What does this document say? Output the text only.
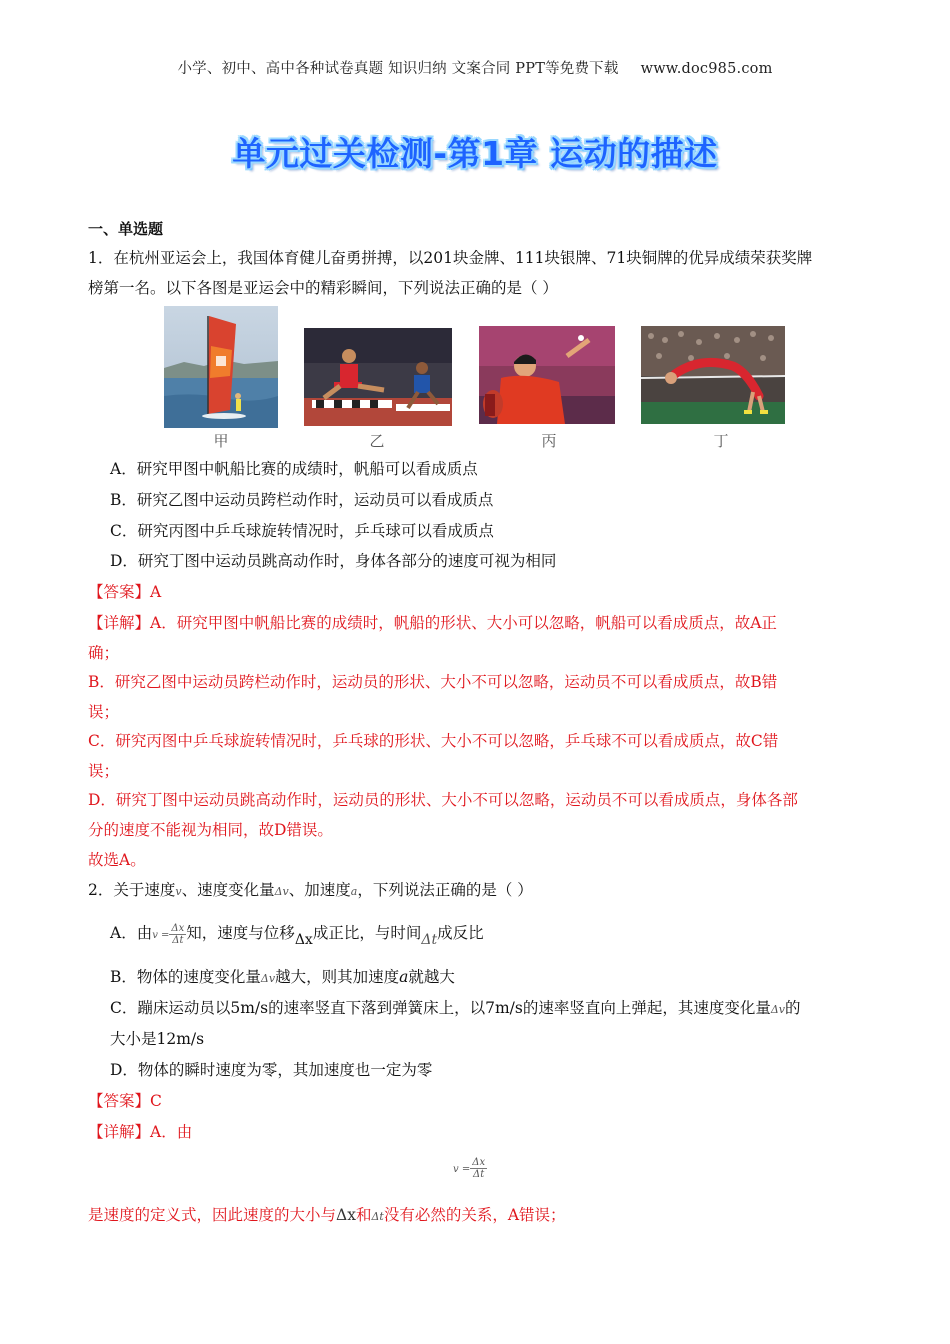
小学、初中、高中各种试卷真题 知识归纳 文案合同 PPT等免费下载 www.doc985.com
单元过关检测-第1章 运动的描述
一、单选题
1．在杭州亚运会上，我国体育健儿奋勇拼搏，以201块金牌、111块银牌、71块铜牌的优异成绩荣获奖牌
榜第一名。以下各图是亚运会中的精彩瞬间，下列说法正确的是（ ）
甲	乙	丙	丁
A．研究甲图中帆船比赛的成绩时，帆船可以看成质点
B．研究乙图中运动员跨栏动作时，运动员可以看成质点
C．研究丙图中乒乓球旋转情况时，乒乓球可以看成质点
D．研究丁图中运动员跳高动作时，身体各部分的速度可视为相同
【答案】A
【详解】A．研究甲图中帆船比赛的成绩时，帆船的形状、大小可以忽略，帆船可以看成质点，故A正
确；
B．研究乙图中运动员跨栏动作时，运动员的形状、大小不可以忽略，运动员不可以看成质点，故B错
误；
C．研究丙图中乒乓球旋转情况时，乒乓球的形状、大小不可以忽略，乒乓球不可以看成质点，故C错
误；
D．研究丁图中运动员跳高动作时，运动员的形状、大小不可以忽略，运动员不可以看成质点，身体各部
分的速度不能视为相同，故D错误。
故选A。
2．关于速度v、速度变化量Δv、加速度a，下列说法正确的是（ ）
A．由$v = \frac{\Delta x}{\Delta t}$ 知，速度与位移Δx成正比，与时间Δt成反比
B．物体的速度变化量Δv越大，则其加速度a就越大
C．蹦床运动员以5m/s的速率竖直下落到弹簧床上，以7m/s的速率竖直向上弹起，其速度变化量Δv的
大小是12m/s
D．物体的瞬时速度为零，其加速度也一定为零
【答案】C
【详解】A．由
$v = \frac{\Delta x}{\Delta t}$
是速度的定义式，因此速度的大小与Δx和Δt没有必然的关系，A错误；
